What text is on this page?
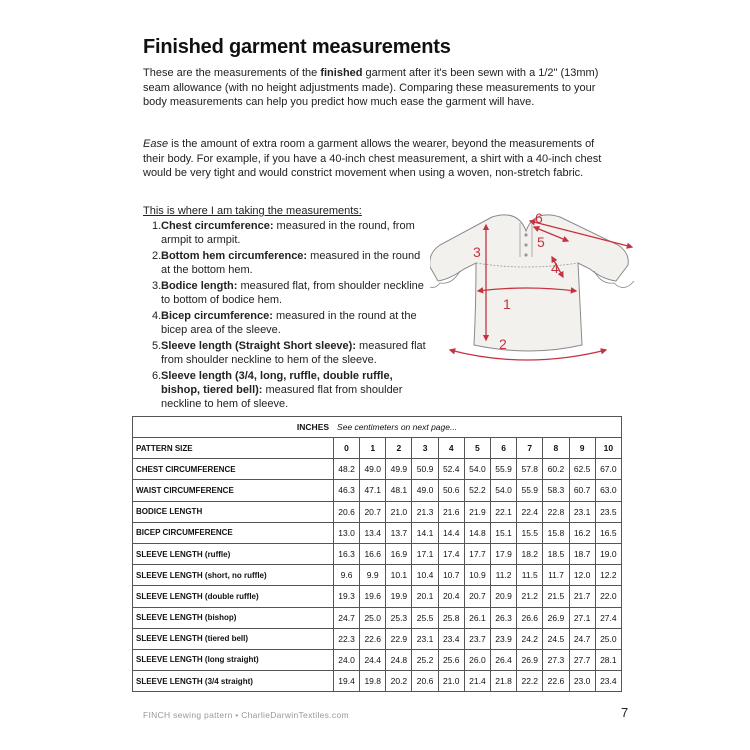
Finished garment measurements

These are the measurements of the finished garment after it's been sewn with a 1/2" (13mm) seam allowance (with no height adjustments made). Comparing these measurements to your body measurements can help you predict how much ease the garment will have.

Ease is the amount of extra room a garment allows the wearer, beyond the measurements of their body. For example, if you have a 40-inch chest measurement, a shirt with a 40-inch chest would be very tight and would constrict movement when using a woven, non-stretch fabric.

This is where I am taking the measurements:
1. Chest circumference: measured in the round, from armpit to armpit.
2. Bottom hem circumference: measured in the round at the bottom hem.
3. Bodice length: measured flat, from shoulder neckline to bottom of bodice hem.
4. Bicep circumference: measured in the round at the bicep area of the sleeve.
5. Sleeve length (Straight Short sleeve): measured flat from shoulder neckline to hem of the sleeve.
6. Sleeve length (3/4, long, ruffle, double ruffle, bishop, tiered bell): measured flat from shoulder neckline to hem of sleeve.
1
2
3
4
5
6
INCHES See centimeters on next page...											
PATTERN SIZE	0	1	2	3	4	5	6	7	8	9	10
CHEST CIRCUMFERENCE	48.2	49.0	49.9	50.9	52.4	54.0	55.9	57.8	60.2	62.5	67.0
WAIST CIRCUMFERENCE	46.3	47.1	48.1	49.0	50.6	52.2	54.0	55.9	58.3	60.7	63.0
BODICE LENGTH	20.6	20.7	21.0	21.3	21.6	21.9	22.1	22.4	22.8	23.1	23.5
BICEP CIRCUMFERENCE	13.0	13.4	13.7	14.1	14.4	14.8	15.1	15.5	15.8	16.2	16.5
SLEEVE LENGTH (ruffle)	16.3	16.6	16.9	17.1	17.4	17.7	17.9	18.2	18.5	18.7	19.0
SLEEVE LENGTH (short, no ruffle)	9.6	9.9	10.1	10.4	10.7	10.9	11.2	11.5	11.7	12.0	12.2
SLEEVE LENGTH (double ruffle)	19.3	19.6	19.9	20.1	20.4	20.7	20.9	21.2	21.5	21.7	22.0
SLEEVE LENGTH (bishop)	24.7	25.0	25.3	25.5	25.8	26.1	26.3	26.6	26.9	27.1	27.4
SLEEVE LENGTH (tiered bell)	22.3	22.6	22.9	23.1	23.4	23.7	23.9	24.2	24.5	24.7	25.0
SLEEVE LENGTH (long straight)	24.0	24.4	24.8	25.2	25.6	26.0	26.4	26.9	27.3	27.7	28.1
SLEEVE LENGTH (3/4 straight)	19.4	19.8	20.2	20.6	21.0	21.4	21.8	22.2	22.6	23.0	23.4
FINCH sewing pattern • CharlieDarwinTextiles.com	7
